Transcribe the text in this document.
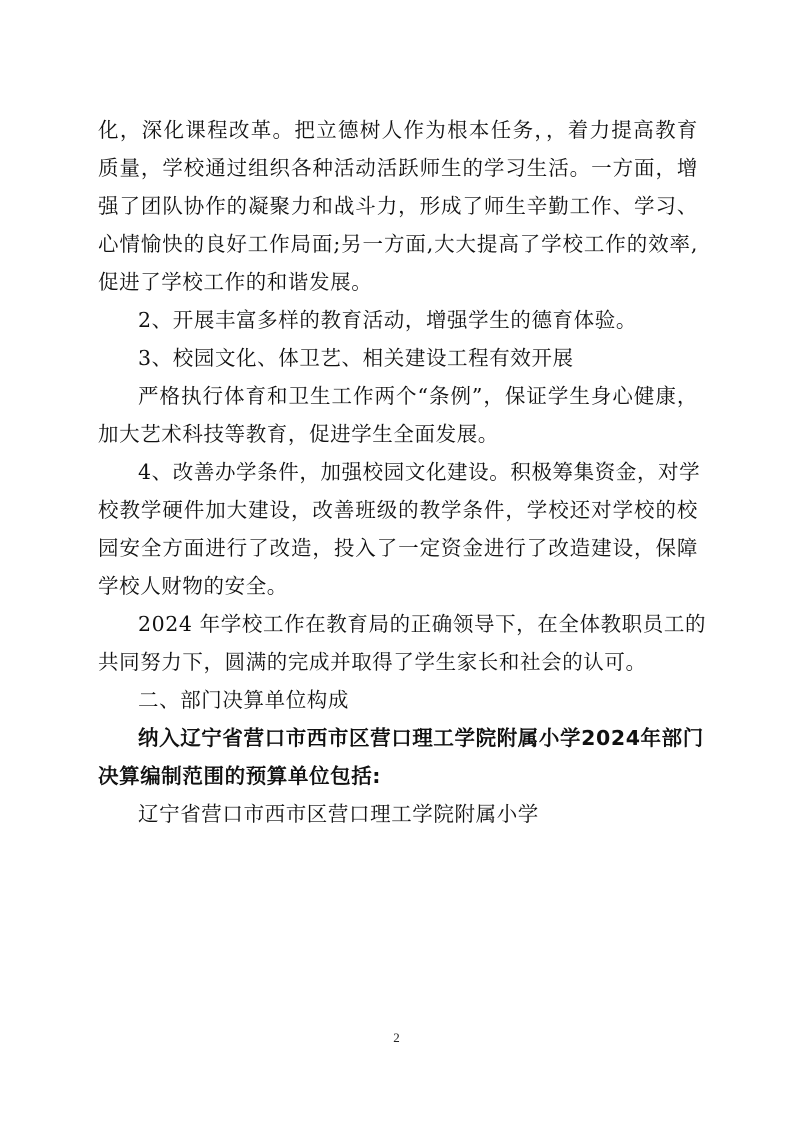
化，深化课程改革。把立德树人作为根本任务，，着力提高教育
质量，学校通过组织各种活动活跃师生的学习生活。一方面，增
强了团队协作的凝聚力和战斗力，形成了师生辛勤工作、学习、
心情愉快的良好工作局面;另一方面,大大提高了学校工作的效率,
促进了学校工作的和谐发展。
2、开展丰富多样的教育活动，增强学生的德育体验。
3、校园文化、体卫艺、相关建设工程有效开展
严格执行体育和卫生工作两个“条例”，保证学生身心健康，
加大艺术科技等教育，促进学生全面发展。
4、改善办学条件，加强校园文化建设。积极筹集资金，对学
校教学硬件加大建设，改善班级的教学条件，学校还对学校的校
园安全方面进行了改造，投入了一定资金进行了改造建设，保障
学校人财物的安全。
2024 年学校工作在教育局的正确领导下，在全体教职员工的
共同努力下，圆满的完成并取得了学生家长和社会的认可。
二、部门决算单位构成
纳入辽宁省营口市西市区营口理工学院附属小学2024年部门
决算编制范围的预算单位包括:
辽宁省营口市西市区营口理工学院附属小学
2
